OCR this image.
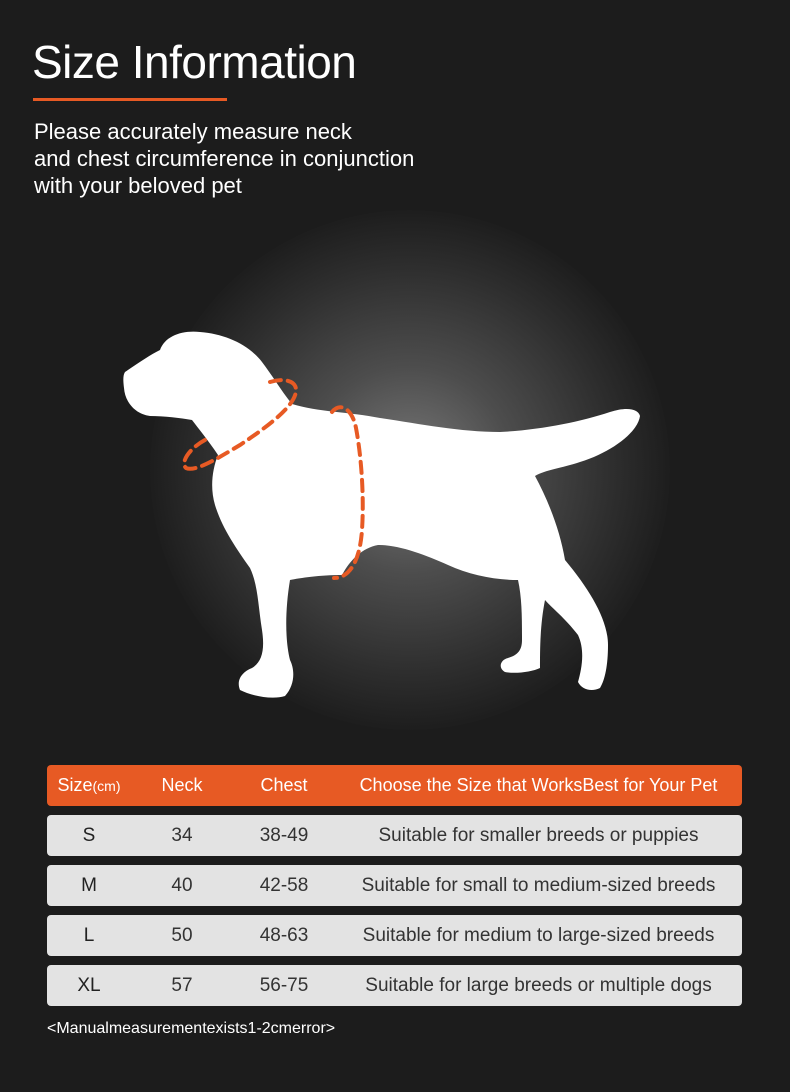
Size Information

Please accurately measure neck
and chest circumference in conjunction
with your beloved pet

Size(cm)	Neck	Chest	Choose the Size that WorksBest for Your Pet
S	34	38-49	Suitable for smaller breeds or puppies
M	40	42-58	Suitable for small to medium-sized breeds
L	50	48-63	Suitable for medium to large-sized breeds
XL	57	56-75	Suitable for large breeds or multiple dogs
<Manualmeasurementexists1-2cmerror>
